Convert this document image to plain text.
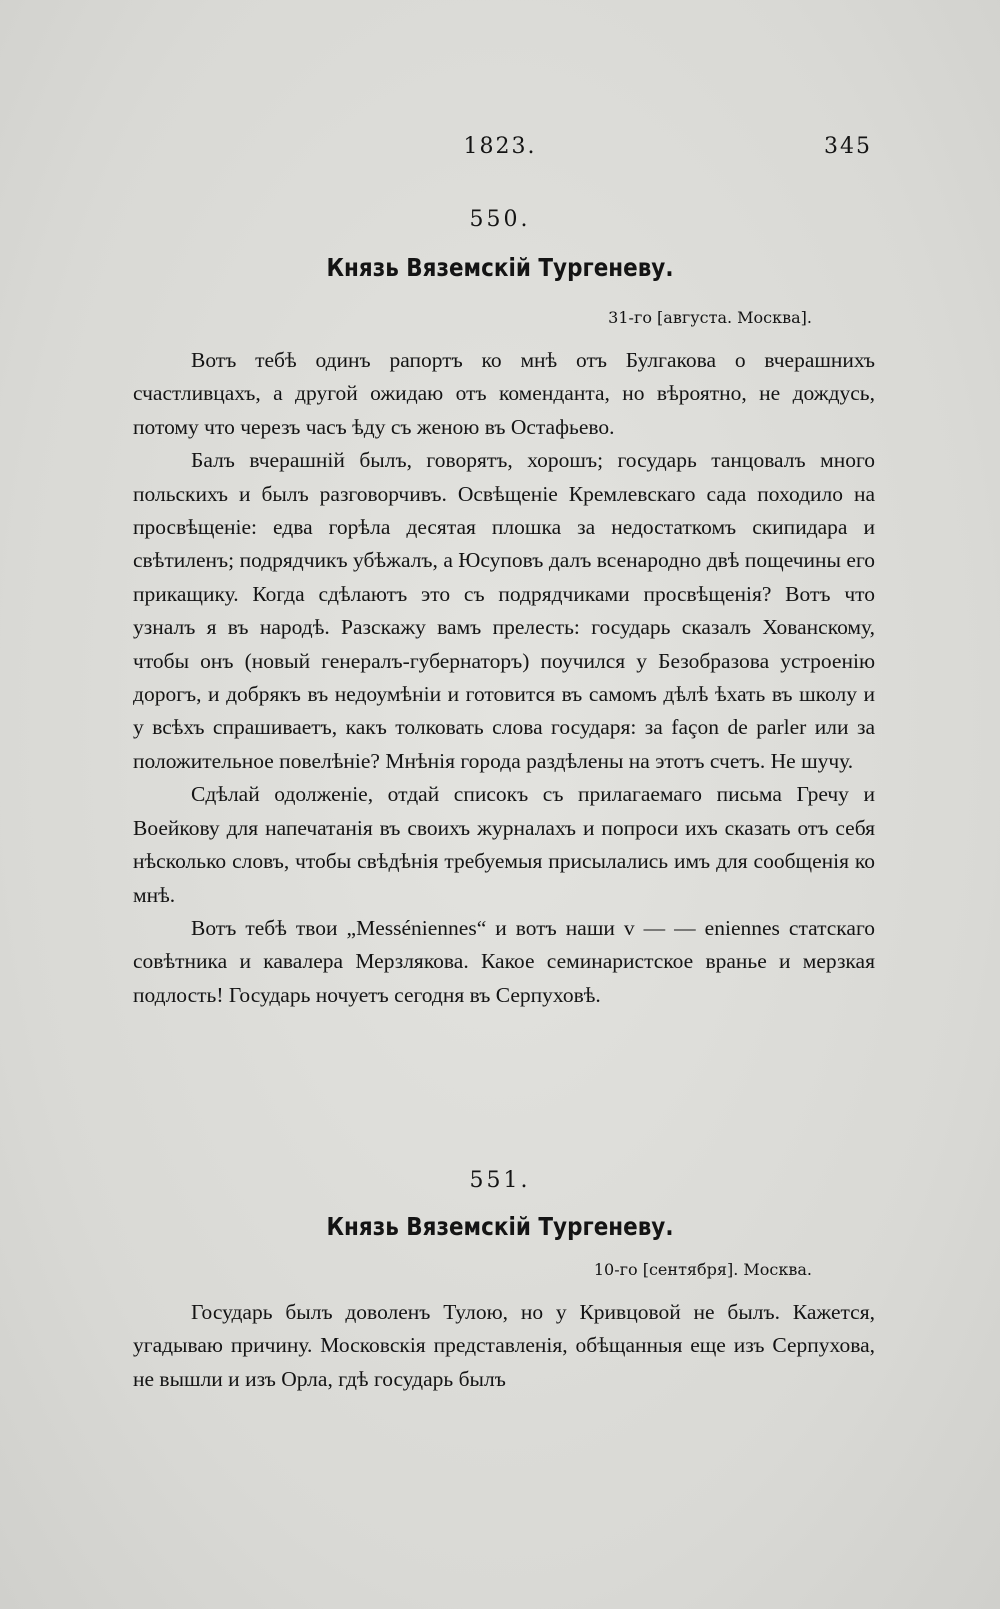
1823.	345
550.
Князь Вяземскій Тургеневу.
31-го [августа. Москва].

Вотъ тебѣ одинъ рапортъ ко мнѣ отъ Булгакова о вчерашнихъ счастливцахъ, а другой ожидаю отъ коменданта, но вѣроятно, не дождусь, потому что черезъ часъ ѣду съ женою въ Остафьево.

Балъ вчерашній былъ, говорятъ, хорошъ; государь танцовалъ много польскихъ и былъ разговорчивъ. Освѣщеніе Кремлевскаго сада походило на просвѣщеніе: едва горѣла десятая плошка за недостаткомъ скипидара и свѣтиленъ; подрядчикъ убѣжалъ, а Юсуповъ далъ всенародно двѣ пощечины его прикащику. Когда сдѣлаютъ это съ подрядчиками просвѣщенія? Вотъ что узналъ я въ народѣ. Разскажу вамъ прелесть: государь сказалъ Хованскому, чтобы онъ (новый генералъ-губернаторъ) поучился у Безобразова устроенію дорогъ, и добрякъ въ недоумѣніи и готовится въ самомъ дѣлѣ ѣхать въ школу и у всѣхъ спрашиваетъ, какъ толковать слова государя: за façon de parler или за положительное повелѣніе? Мнѣнія города раздѣлены на этотъ счетъ. Не шучу.

Сдѣлай одолженіе, отдай списокъ съ прилагаемаго письма Гречу и Воейкову для напечатанія въ своихъ журналахъ и попроси ихъ сказать отъ себя нѣсколько словъ, чтобы свѣдѣнія требуемыя присылались имъ для сообщенія ко мнѣ.

Вотъ тебѣ твои „Messéniennes“ и вотъ наши v — — eniennes статскаго совѣтника и кавалера Мерзлякова. Какое семинаристское вранье и мерзкая подлость! Государь ночуетъ сегодня въ Серпуховѣ.

551.
Князь Вяземскій Тургеневу.
10-го [сентября]. Москва.

Государь былъ доволенъ Тулою, но у Кривцовой не былъ. Кажется, угадываю причину. Московскія представленія, обѣщанныя еще изъ Серпухова, не вышли и изъ Орла, гдѣ государь былъ
